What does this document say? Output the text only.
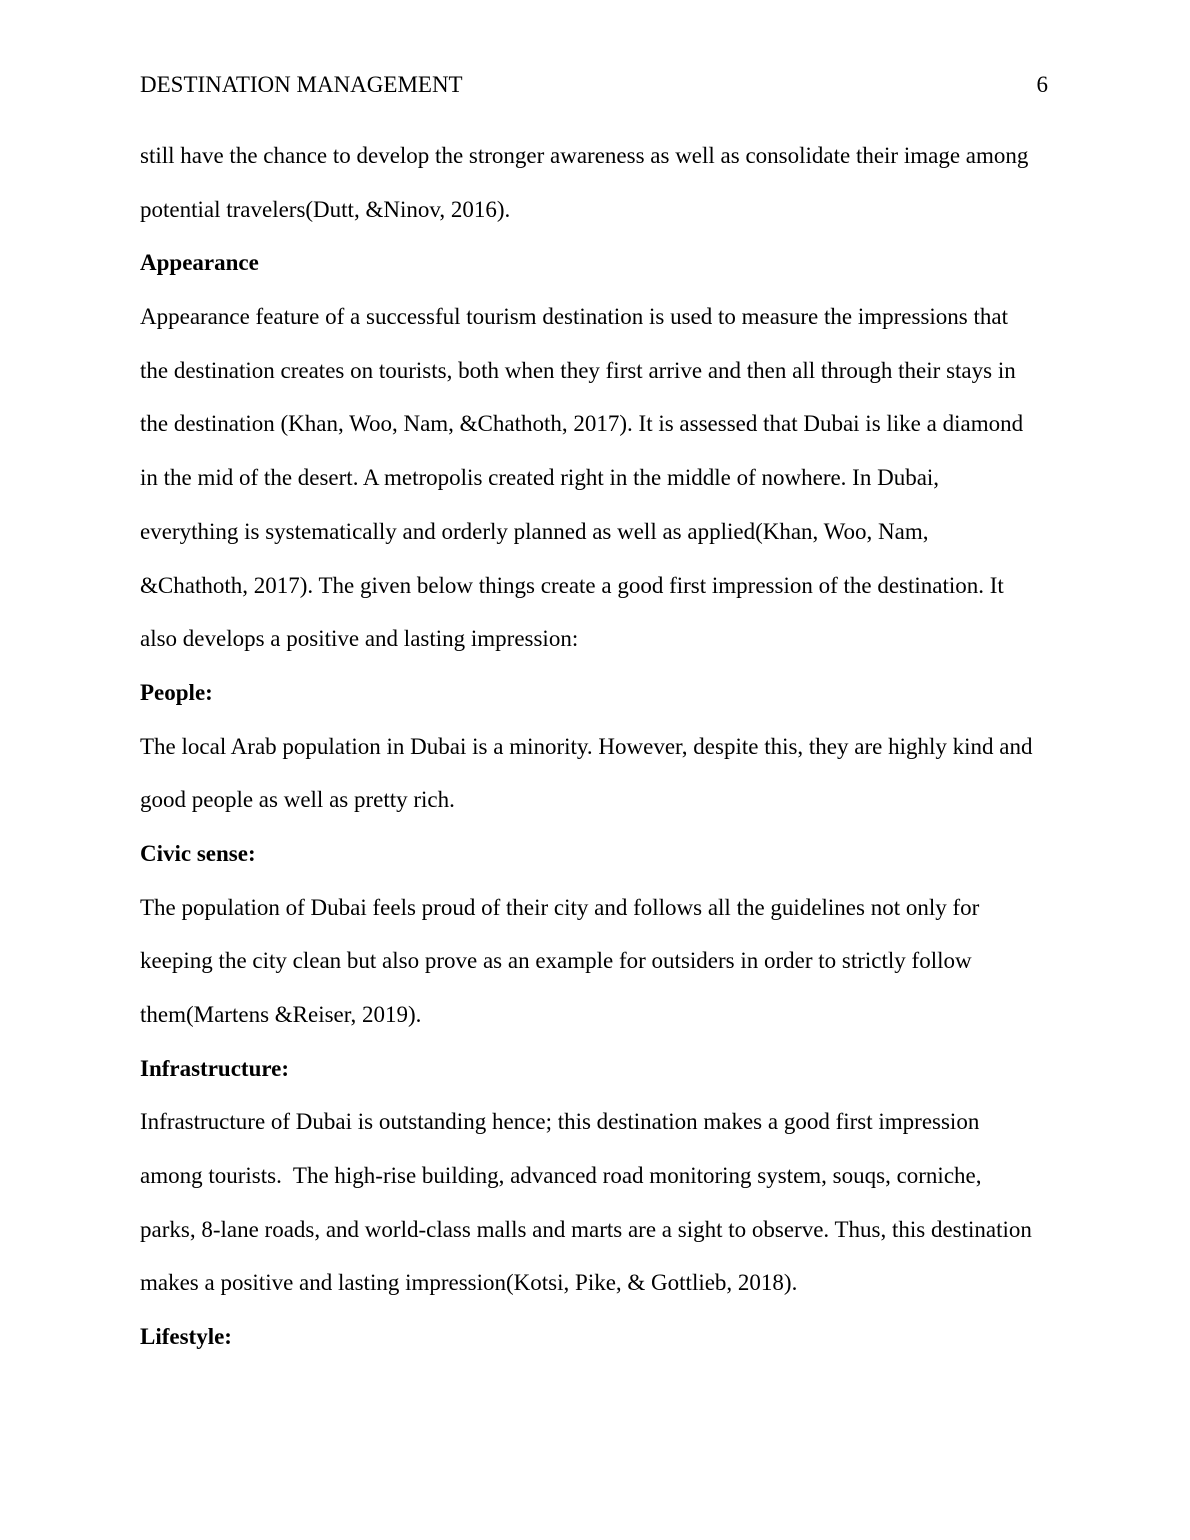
DESTINATION MANAGEMENT	6
still have the chance to develop the stronger awareness as well as consolidate their image among
potential travelers(Dutt, &Ninov, 2016).
Appearance
Appearance feature of a successful tourism destination is used to measure the impressions that
the destination creates on tourists, both when they first arrive and then all through their stays in
the destination (Khan, Woo, Nam, &Chathoth, 2017). It is assessed that Dubai is like a diamond
in the mid of the desert. A metropolis created right in the middle of nowhere. In Dubai,
everything is systematically and orderly planned as well as applied(Khan, Woo, Nam,
&Chathoth, 2017). The given below things create a good first impression of the destination. It
also develops a positive and lasting impression:
People:
The local Arab population in Dubai is a minority. However, despite this, they are highly kind and
good people as well as pretty rich.
Civic sense:
The population of Dubai feels proud of their city and follows all the guidelines not only for
keeping the city clean but also prove as an example for outsiders in order to strictly follow
them(Martens &Reiser, 2019).
Infrastructure:
Infrastructure of Dubai is outstanding hence; this destination makes a good first impression
among tourists.  The high-rise building, advanced road monitoring system, souqs, corniche,
parks, 8-lane roads, and world-class malls and marts are a sight to observe. Thus, this destination
makes a positive and lasting impression(Kotsi, Pike, & Gottlieb, 2018).
Lifestyle:
